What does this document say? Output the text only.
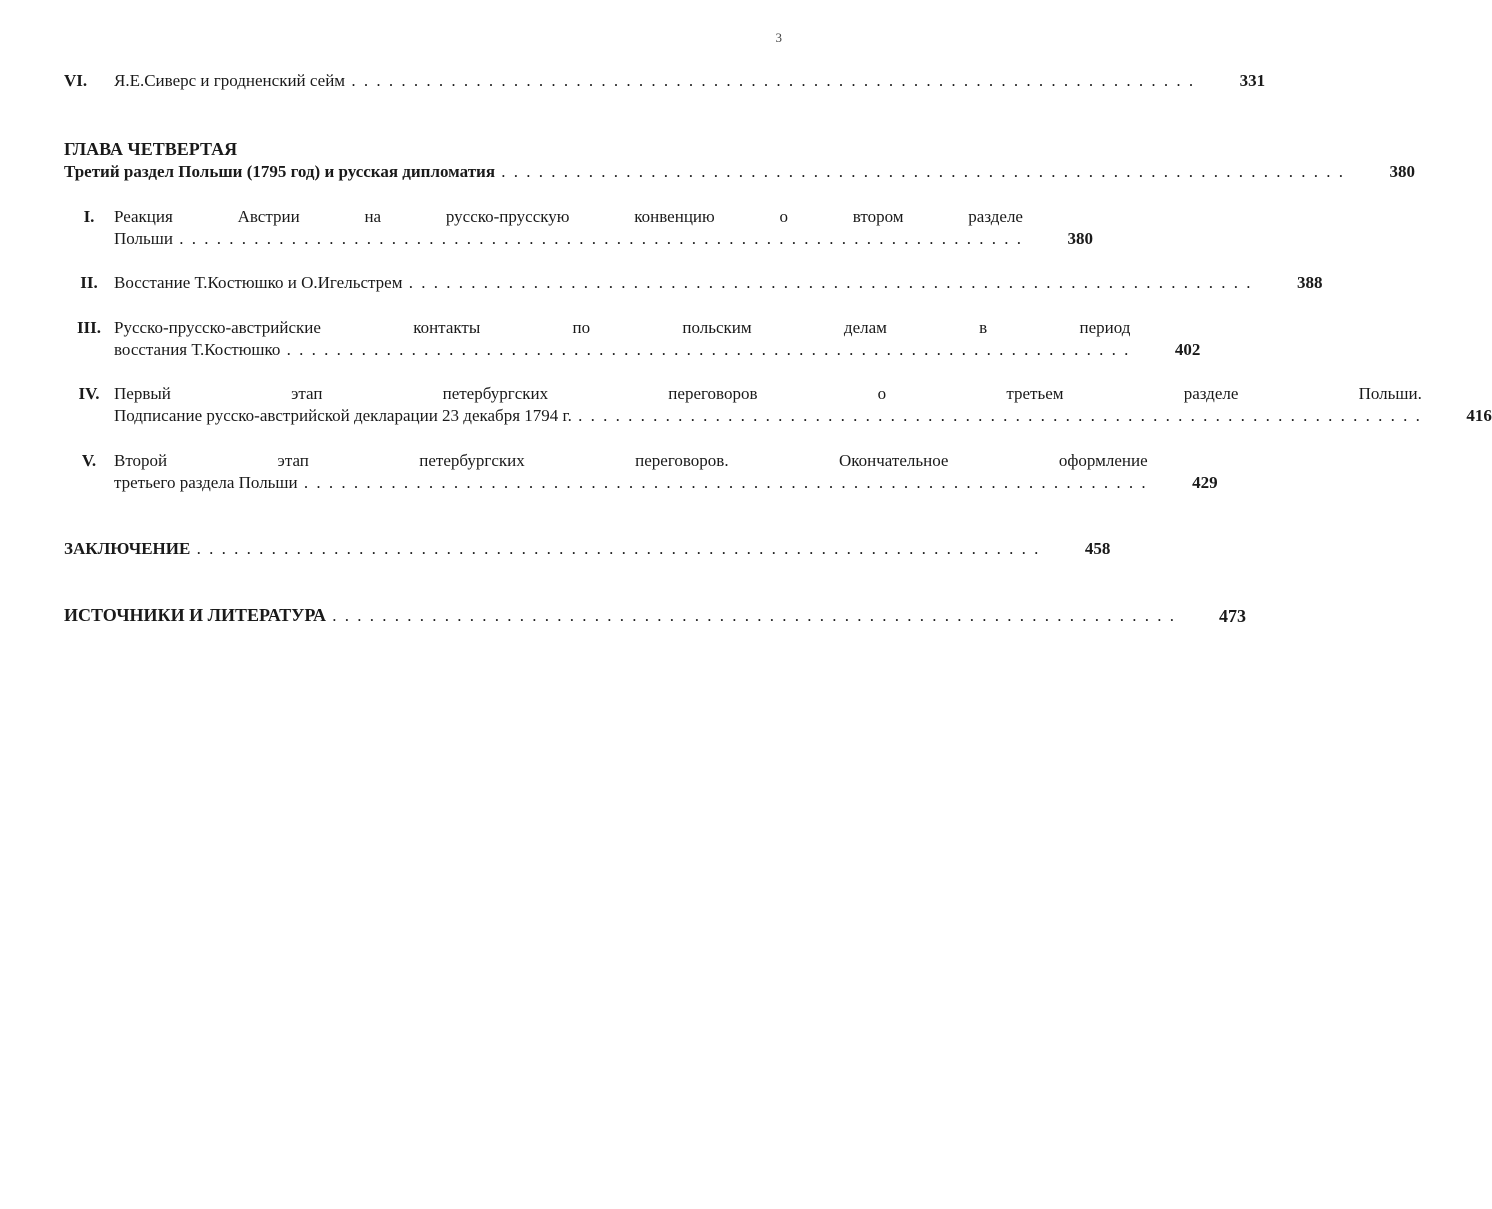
3
VI.	Я.Е.Сиверс и гродненский сейм . . .	331
ГЛАВА ЧЕТВЕРТАЯ
Третий раздел Польши (1795 год) и русская дипломатия . . .	380
I.	Реакция Австрии на русско-прусскую конвенцию о втором разделе
Польши . . .	380
II. Восстание Т.Костюшко и О.Игельстрем . . .	388
III. Русско-прусско-австрийские контакты по польским делам в период
восстания Т.Костюшко . . .	402
IV. Первый этап петербургских переговоров о третьем разделе Польши.
Подписание русско-австрийской декларации 23 декабря 1794 г. . . .	416
V.	Второй этап петербургских переговоров. Окончательное оформление
третьего раздела Польши . . .	429
ЗАКЛЮЧЕНИЕ . . .	458
ИСТОЧНИКИ И ЛИТЕРАТУРА . . .	473
